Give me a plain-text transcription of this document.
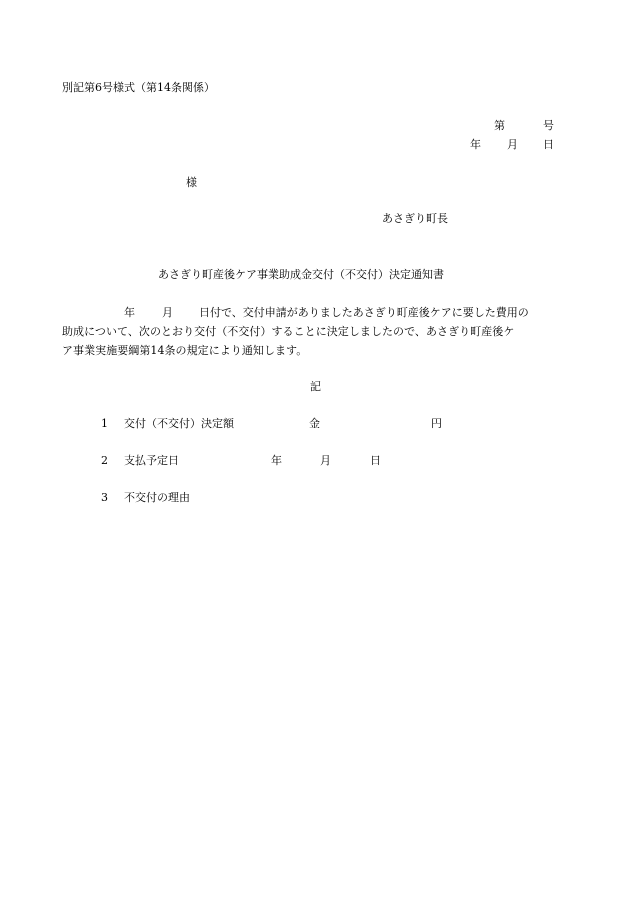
別記第6号様式（第14条関係）
第	号
年 月 日
様
あさぎり町長
あさぎり町産後ケア事業助成金交付（不交付）決定通知書
年 月 日付で、交付申請がありましたあさぎり町産後ケアに要した費用の
助成について、次のとおり交付（不交付）することに決定しましたので、あさぎり町産後ケ
ア事業実施要綱第14条の規定により通知します。
記
1 交付（不交付）決定額	金	円
2 支払予定日	年	月	日
3 不交付の理由
